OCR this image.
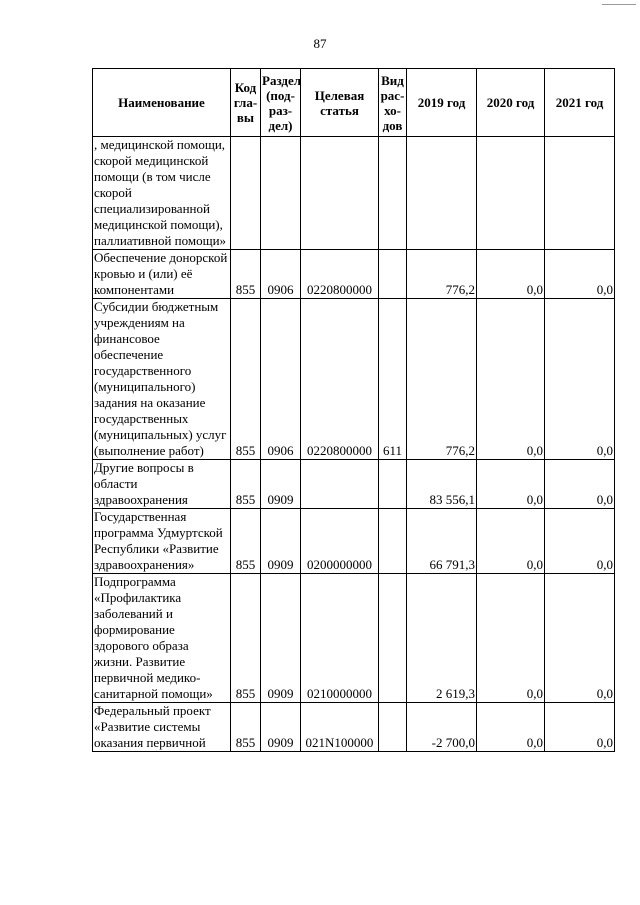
87
Наименование	Код гла-вы	Раздел (под-раз-дел)	Целевая статья	Вид рас-хо-дов	2019 год	2020 год	2021 год
, медицинской помощи, скорой медицинской помощи (в том числе скорой специализированной медицинской помощи), паллиативной помощи»							
Обеспечение донорской кровью и (или) её компонентами	855	0906	0220800000		776,2	0,0	0,0
Субсидии бюджетным учреждениям на финансовое обеспечение государственного (муниципального) задания на оказание государственных (муниципальных) услуг (выполнение работ)	855	0906	0220800000	611	776,2	0,0	0,0
Другие вопросы в области здравоохранения	855	0909			83 556,1	0,0	0,0
Государственная программа Удмуртской Республики «Развитие здравоохранения»	855	0909	0200000000		66 791,3	0,0	0,0
Подпрограмма «Профилактика заболеваний и формирование здорового образа жизни. Развитие первичной медико-санитарной помощи»	855	0909	0210000000		2 619,3	0,0	0,0
Федеральный проект «Развитие системы оказания первичной	855	0909	021N100000		-2 700,0	0,0	0,0
